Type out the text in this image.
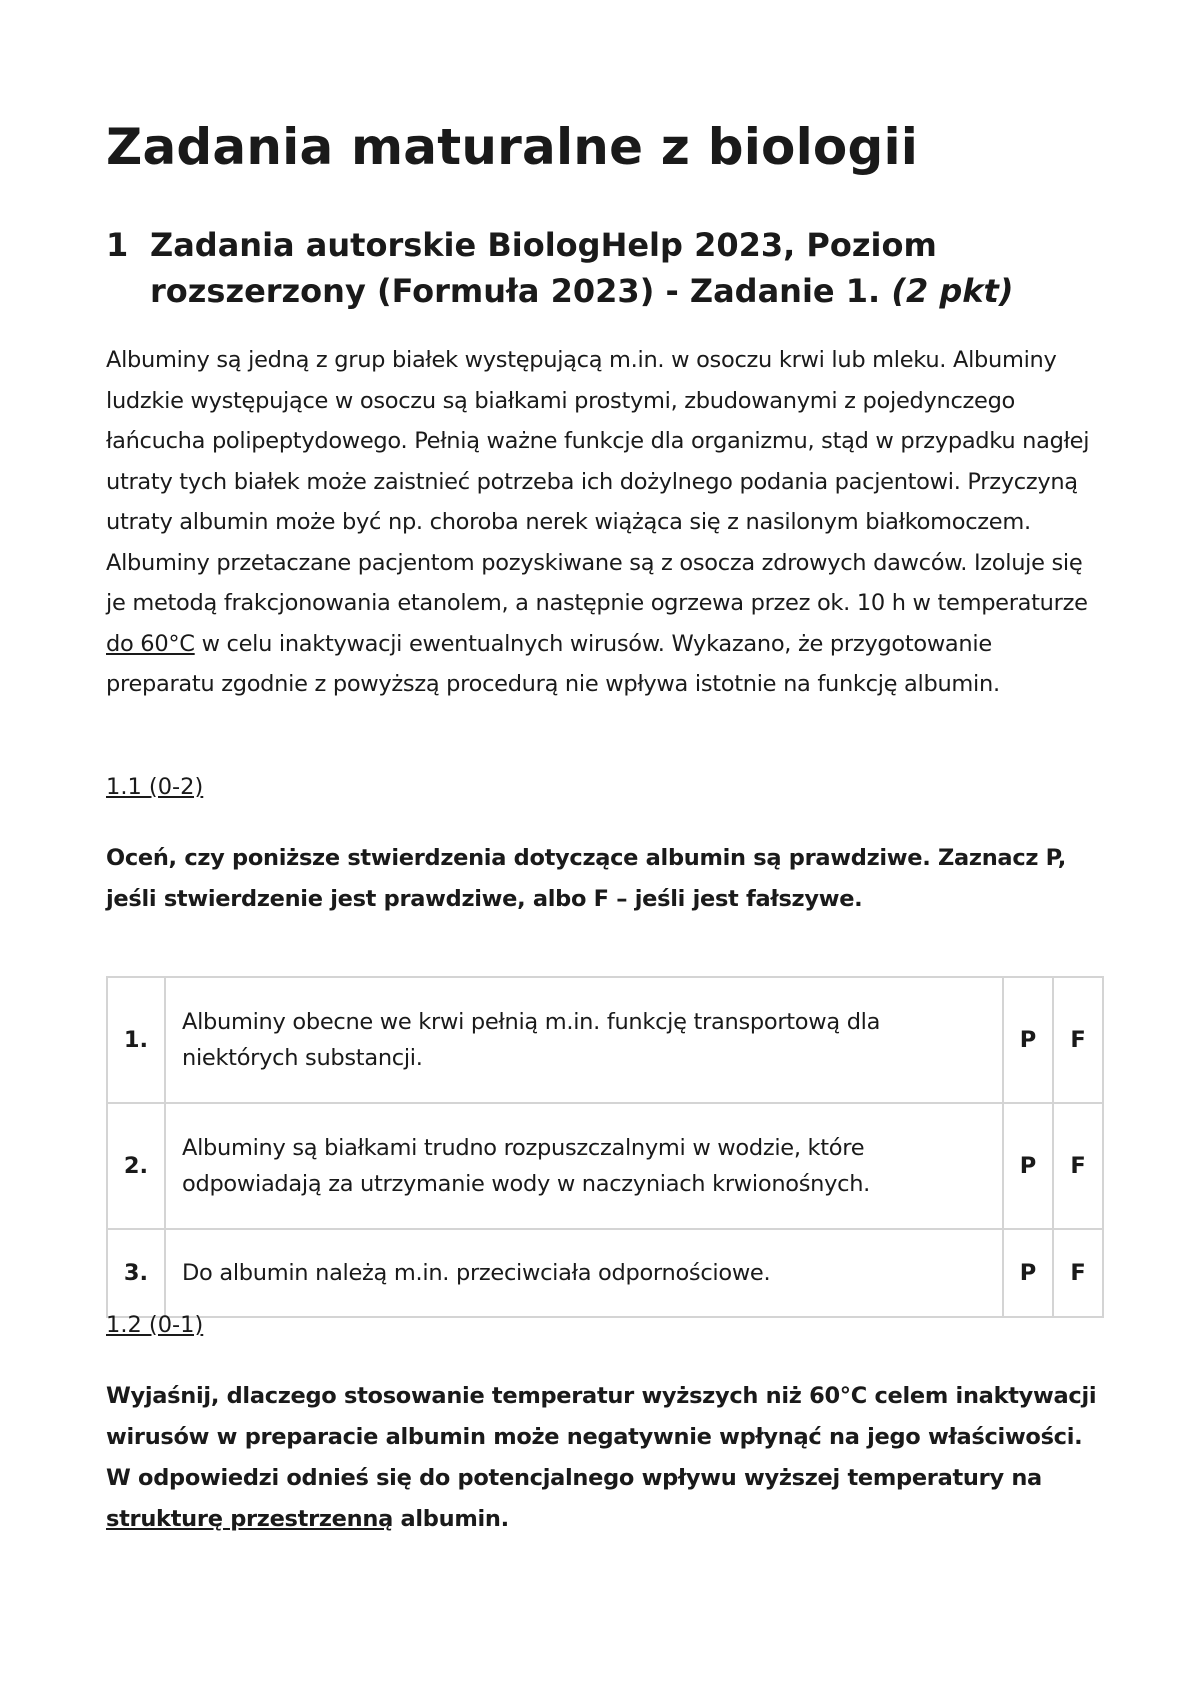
Zadania maturalne z biologii
1 Zadania autorskie BiologHelp 2023, Poziom rozszerzony (Formuła 2023) - Zadanie 1. (2 pkt)

Albuminy są jedną z grup białek występującą m.in. w osoczu krwi lub mleku. Albuminy ludzkie występujące w osoczu są białkami prostymi, zbudowanymi z pojedynczego łańcucha polipeptydowego. Pełnią ważne funkcje dla organizmu, stąd w przypadku nagłej utraty tych białek może zaistnieć potrzeba ich dożylnego podania pacjentowi. Przyczyną utraty albumin może być np. choroba nerek wiążąca się z nasilonym białkomoczem. Albuminy przetaczane pacjentom pozyskiwane są z osocza zdrowych dawców. Izoluje się je metodą frakcjonowania etanolem, a następnie ogrzewa przez ok. 10 h w temperaturze do 60°C w celu inaktywacji ewentualnych wirusów. Wykazano, że przygotowanie preparatu zgodnie z powyższą procedurą nie wpływa istotnie na funkcję albumin.

1.1 (0-2)

Oceń, czy poniższe stwierdzenia dotyczące albumin są prawdziwe. Zaznacz P, jeśli stwierdzenie jest prawdziwe, albo F – jeśli jest fałszywe.

1.	Albuminy obecne we krwi pełnią m.in. funkcję transportową dla niektórych substancji.	P	F
2.	Albuminy są białkami trudno rozpuszczalnymi w wodzie, które odpowiadają za utrzymanie wody w naczyniach krwionośnych.	P	F
3.	Do albumin należą m.in. przeciwciała odpornościowe.	P	F

1.2 (0-1)

Wyjaśnij, dlaczego stosowanie temperatur wyższych niż 60°C celem inaktywacji wirusów w preparacie albumin może negatywnie wpłynąć na jego właściwości. W odpowiedzi odnieś się do potencjalnego wpływu wyższej temperatury na strukturę przestrzenną albumin.
